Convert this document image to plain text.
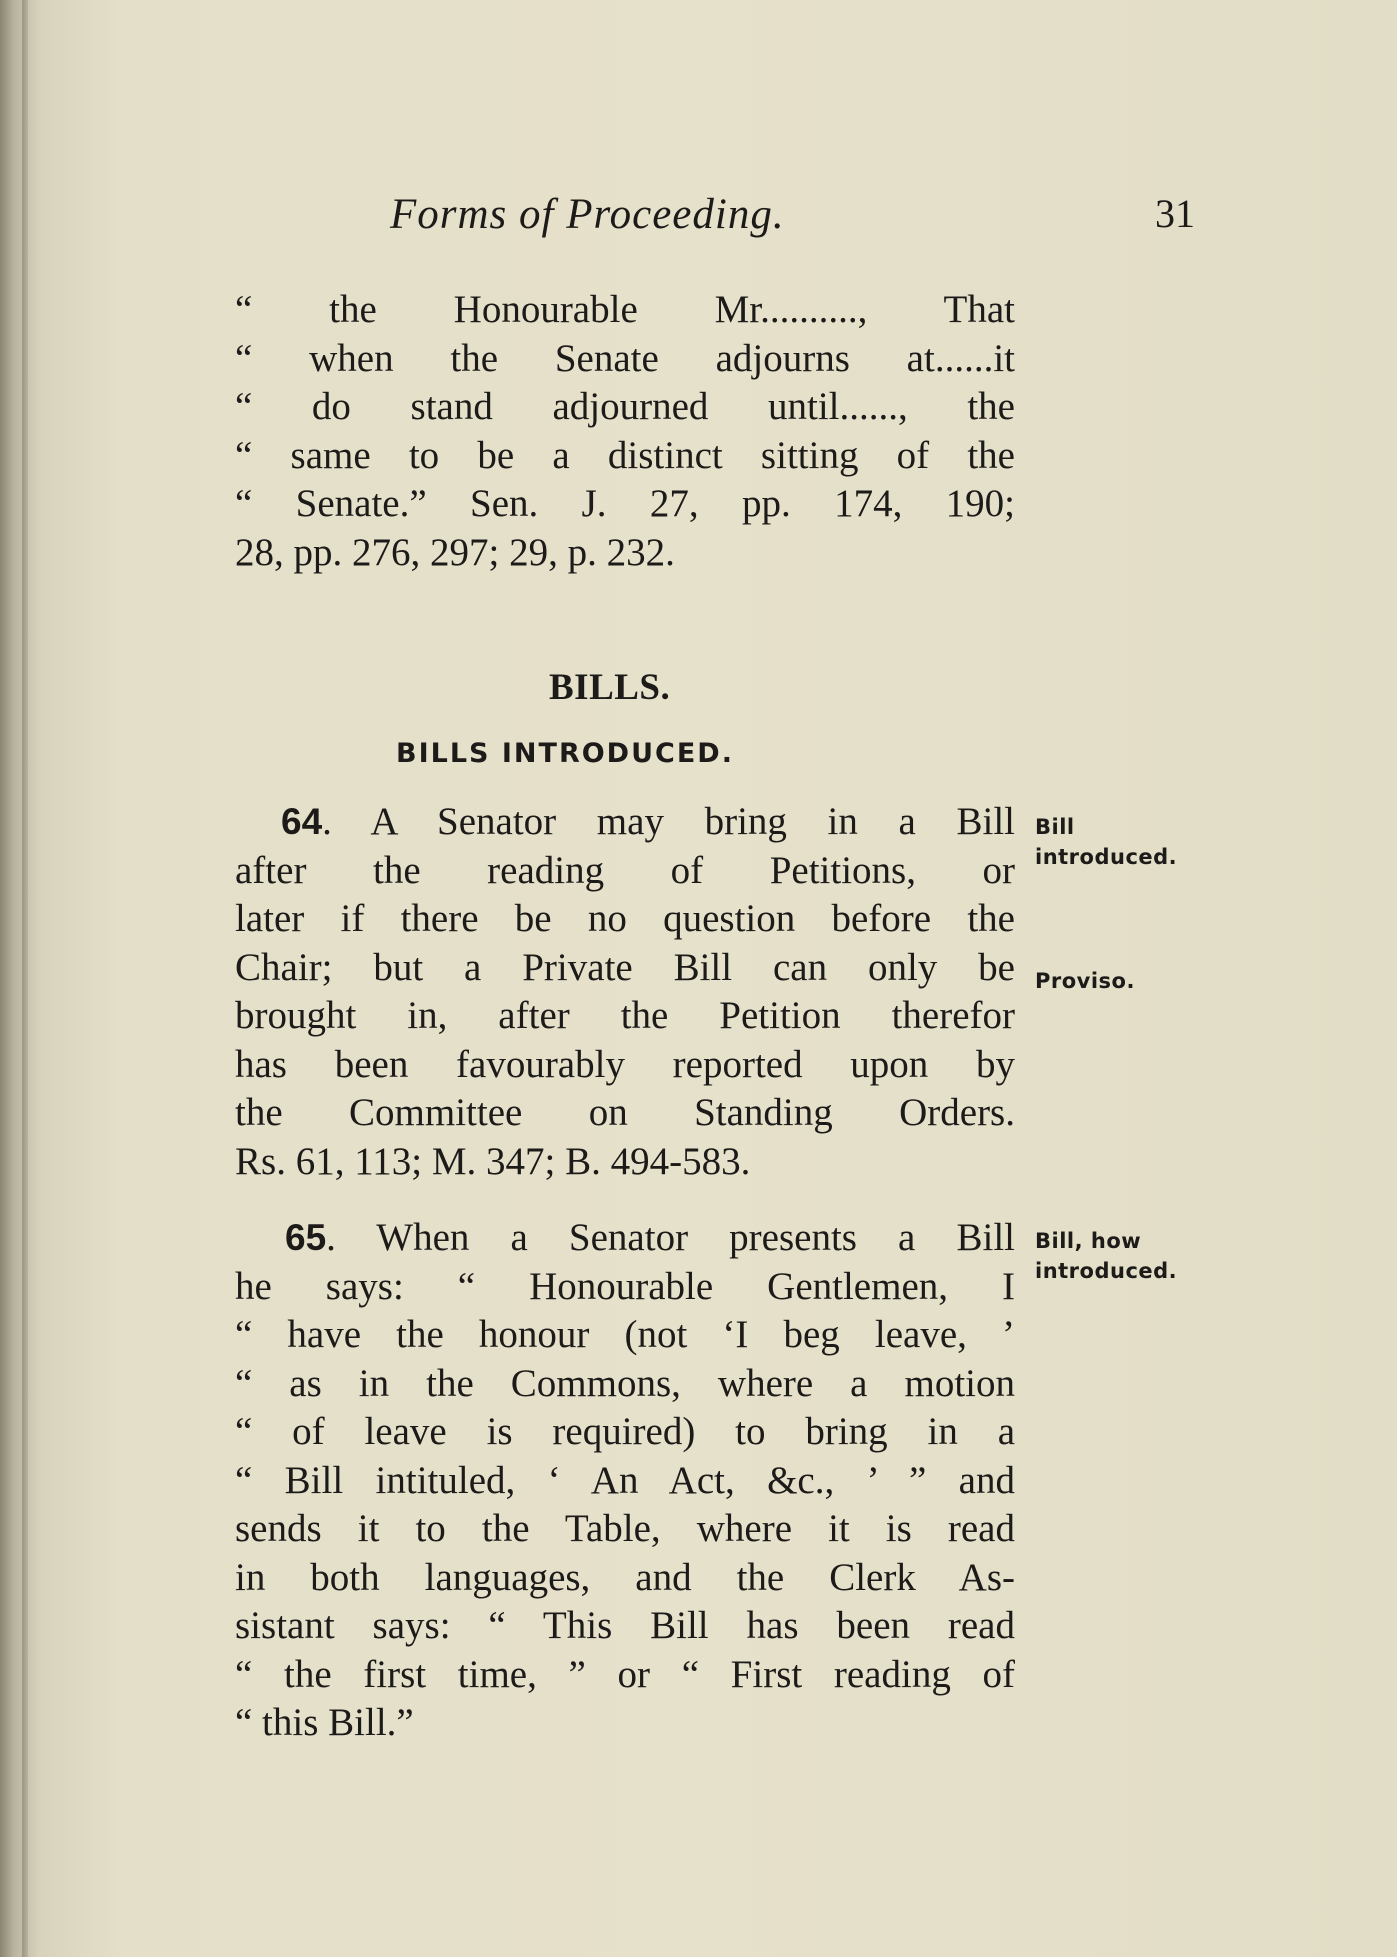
Forms of Proceeding.	31
“ the Honourable Mr.........., That
“ when the Senate adjourns at......it
“ do stand adjourned until......, the
“ same to be a distinct sitting of the
“ Senate.” Sen. J. 27, pp. 174, 190;
28, pp. 276, 297; 29, p. 232.
BILLS.
BILLS INTRODUCED.
64. A Senator may bring in a Bill
after the reading of Petitions, or
later if there be no question before the
Chair; but a Private Bill can only be
brought in, after the Petition therefor
has been favourably reported upon by
the Committee on Standing Orders.
Rs. 61, 113; M. 347; B. 494-583.
Bill
introduced.
Proviso.
65. When a Senator presents a Bill
he says: “ Honourable Gentlemen, I
“ have the honour (not ‘I beg leave, ’
“ as in the Commons, where a motion
“ of leave is required) to bring in a
“ Bill intituled, ‘ An Act, &c., ’ ” and
sends it to the Table, where it is read
in both languages, and the Clerk As-
sistant says: “ This Bill has been read
“ the first time, ” or “ First reading of
“ this Bill.”
Bill, how
introduced.
